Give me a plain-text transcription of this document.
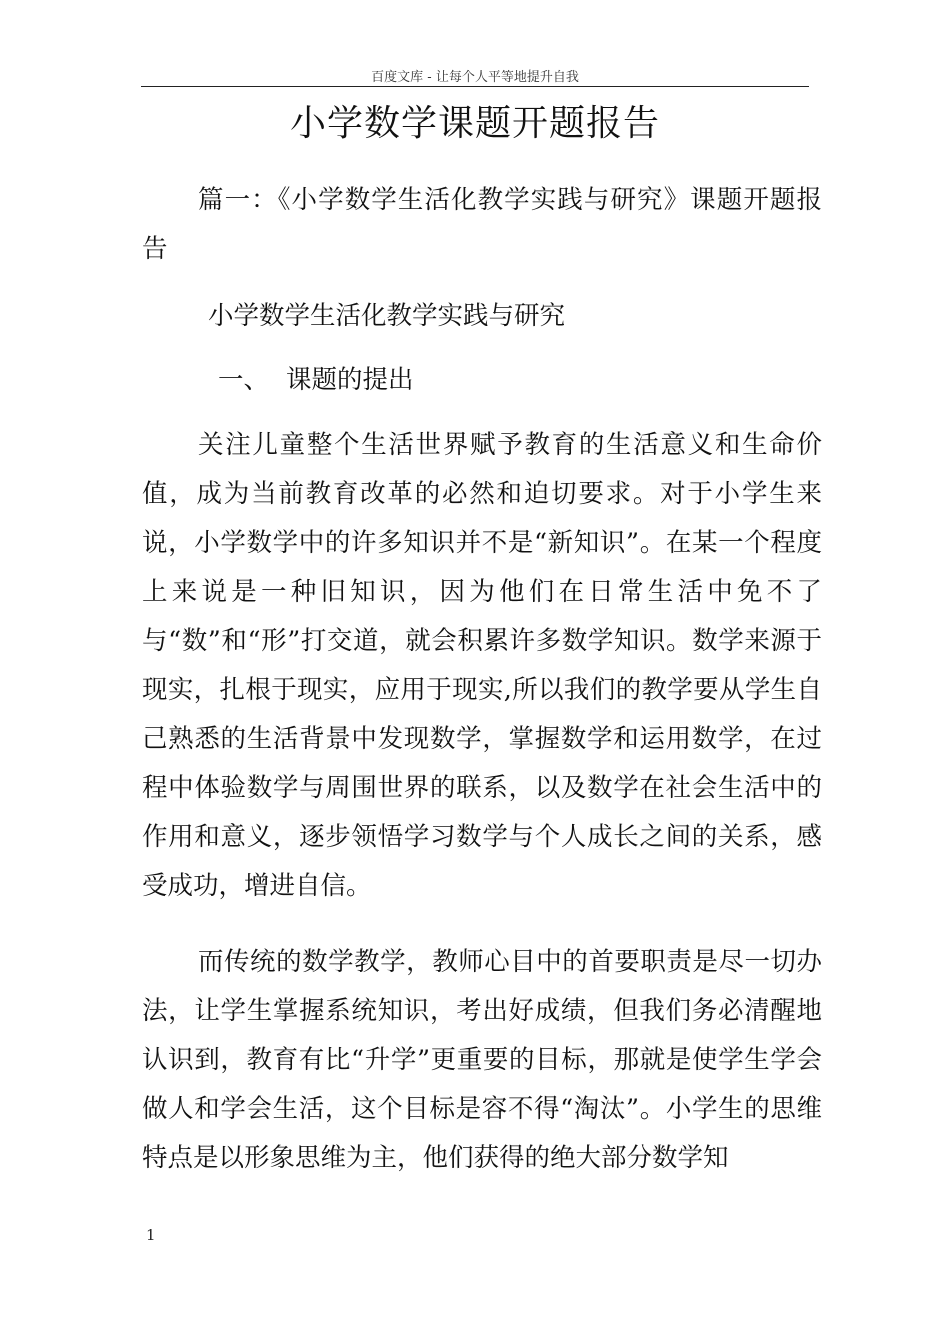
百度文库 - 让每个人平等地提升自我
小学数学课题开题报告

篇一：《小学数学生活化教学实践与研究》课题开题报告

小学数学生活化教学实践与研究

一、 课题的提出

关注儿童整个生活世界赋予教育的生活意义和生命价值，成为当前教育改革的必然和迫切要求。对于小学生来说，小学数学中的许多知识并不是“新知识”。在某一个程度上来说是一种旧知识，因为他们在日常生活中免不了与“数”和“形”打交道，就会积累许多数学知识。数学来源于现实，扎根于现实，应用于现实,所以我们的教学要从学生自己熟悉的生活背景中发现数学，掌握数学和运用数学，在过程中体验数学与周围世界的联系，以及数学在社会生活中的作用和意义，逐步领悟学习数学与个人成长之间的关系，感受成功，增进自信。

而传统的数学教学，教师心目中的首要职责是尽一切办法，让学生掌握系统知识，考出好成绩，但我们务必清醒地认识到，教育有比“升学”更重要的目标，那就是使学生学会做人和学会生活，这个目标是容不得“淘汰”。小学生的思维特点是以形象思维为主，他们获得的绝大部分数学知

1
